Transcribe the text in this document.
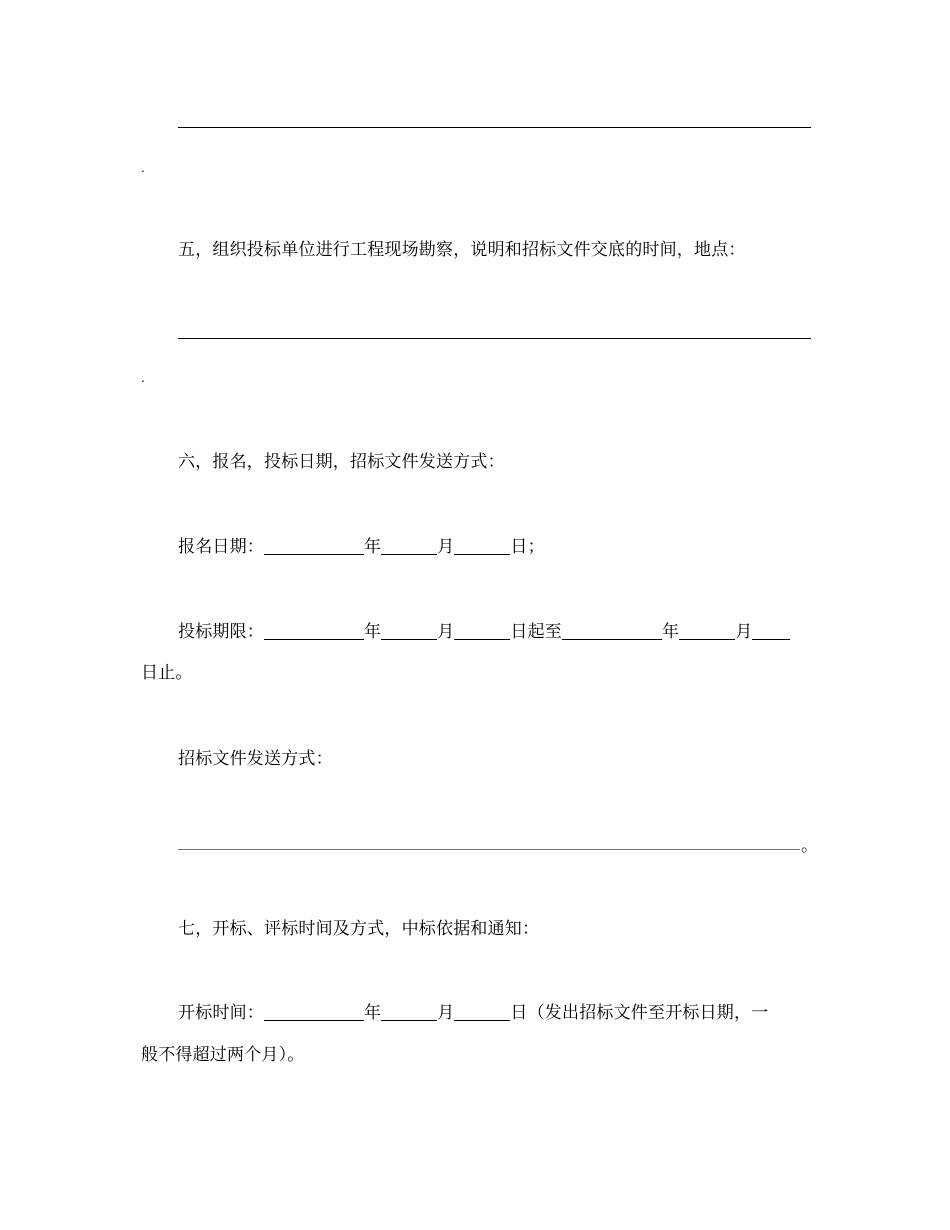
.
五，组织投标单位进行工程现场勘察，说明和招标文件交底的时间，地点：
.
六，报名，投标日期，招标文件发送方式：
报名日期：	年	月	日；
投标期限：	年	月	日起至	年	月
日止。
招标文件发送方式：
。
七，开标、评标时间及方式，中标依据和通知：
开标时间：	年	月	日（发出招标文件至开标日期，一
般不得超过两个月）。
